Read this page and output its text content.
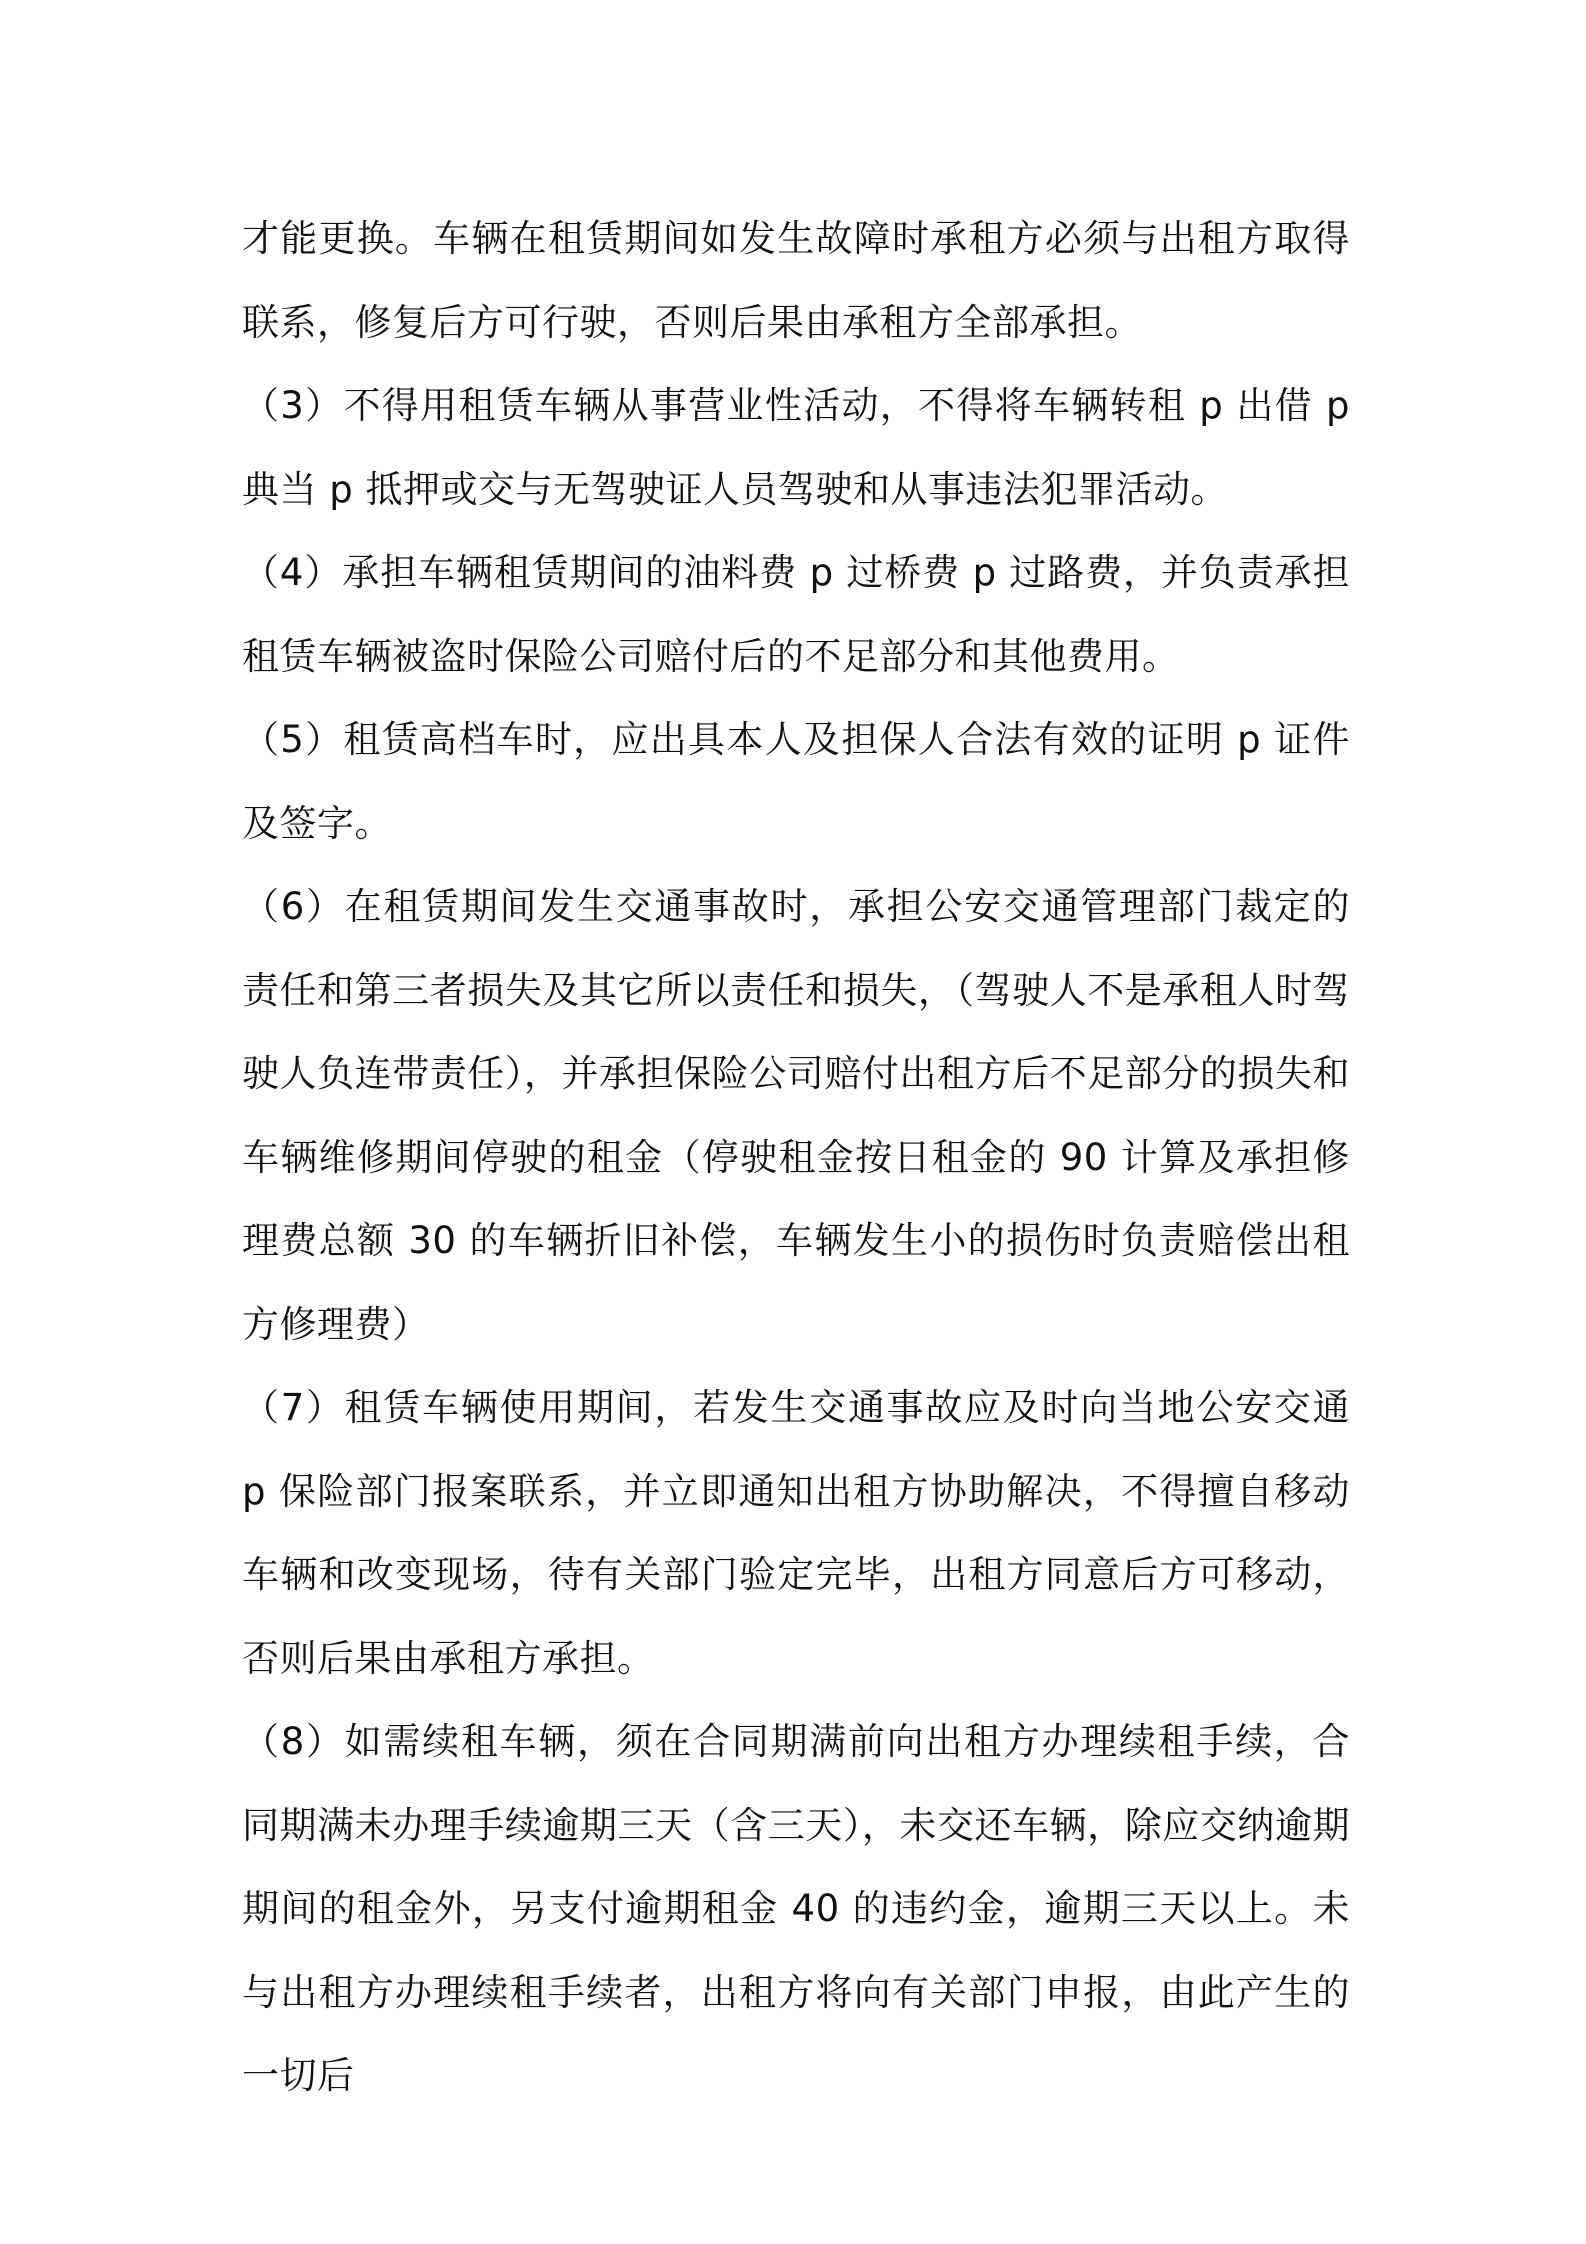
才能更换。车辆在租赁期间如发生故障时承租方必须与出租方取得联系，修复后方可行驶，否则后果由承租方全部承担。

（3）不得用租赁车辆从事营业性活动，不得将车辆转租 p 出借 p 典当 p 抵押或交与无驾驶证人员驾驶和从事违法犯罪活动。

（4）承担车辆租赁期间的油料费 p 过桥费 p 过路费，并负责承担租赁车辆被盗时保险公司赔付后的不足部分和其他费用。

（5）租赁高档车时，应出具本人及担保人合法有效的证明 p 证件及签字。

（6）在租赁期间发生交通事故时，承担公安交通管理部门裁定的责任和第三者损失及其它所以责任和损失，（驾驶人不是承租人时驾驶人负连带责任），并承担保险公司赔付出租方后不足部分的损失和车辆维修期间停驶的租金（停驶租金按日租金的 90 计算及承担修理费总额 30 的车辆折旧补偿，车辆发生小的损伤时负责赔偿出租方修理费）

（7）租赁车辆使用期间，若发生交通事故应及时向当地公安交通 p 保险部门报案联系，并立即通知出租方协助解决，不得擅自移动车辆和改变现场，待有关部门验定完毕，出租方同意后方可移动，否则后果由承租方承担。

（8）如需续租车辆，须在合同期满前向出租方办理续租手续，合同期满未办理手续逾期三天（含三天），未交还车辆，除应交纳逾期期间的租金外，另支付逾期租金 40 的违约金，逾期三天以上。未与出租方办理续租手续者，出租方将向有关部门申报，由此产生的一切后
